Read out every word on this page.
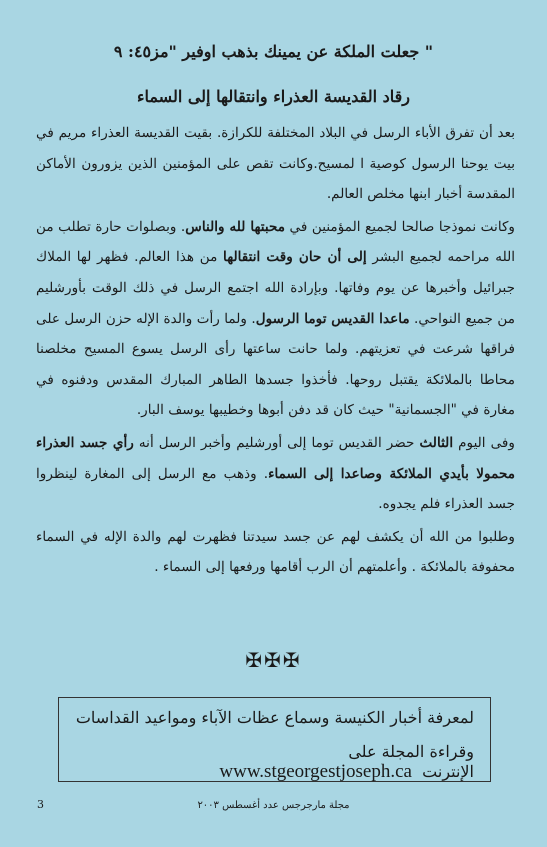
" جعلت الملكة عن يمينك بذهب اوفير "مز٤٥: ٩
رقاد القديسة العذراء وانتقالها إلى السماء

بعد أن تفرق الأباء الرسل في البلاد المختلفة للكرازة. بقيت القديسة العذراء مريم في بيت يوحنا الرسول كوصية ا لمسيح.وكانت تقص على المؤمنين الذين يزورون الأماكن المقدسة أخبار ابنها مخلص العالم.

وكانت نموذجا صالحا لجميع المؤمنين في محبتها لله والناس. وبصلوات حارة تطلب من الله مراحمه لجميع البشر إلى أن حان وقت انتقالها من هذا العالم. فظهر لها الملاك جبرائيل وأخبرها عن يوم وفاتها. وبإرادة الله اجتمع الرسل في ذلك الوقت بأورشليم من جميع النواحي. ماعدا القديس توما الرسول. ولما رأت والدة الإله حزن الرسل على فراقها شرعت في تعزيتهم. ولما حانت ساعتها رأى الرسل يسوع المسيح مخلصنا محاطا بالملائكة يقتبل روحها. فأخذوا جسدها الطاهر المبارك المقدس ودفنوه في مغارة في "الجسمانية" حيث كان قد دفن أبوها وخطيبها يوسف البار.

وفى اليوم الثالث حضر القديس توما إلى أورشليم وأخبر الرسل أنه رأي جسد العذراء محمولا بأيدي الملائكة وصاعدا إلى السماء. وذهب مع الرسل إلى المغارة لينظروا جسد العذراء فلم يجدوه.

وطلبوا من الله أن يكشف لهم عن جسد سيدتنا فظهرت لهم والدة الإله في السماء محفوفة بالملائكة . وأعلمتهم أن الرب أقامها ورفعها إلى السماء .

✠✠✠
لمعرفة أخبار الكنيسة وسماع عظات الآباء ومواعيد القداسات
وقراءة المجلة على الإنترنت  www.stgeorgestjoseph.ca
3	مجلة مارجرجس عدد أغسطس ٢٠٠٣
